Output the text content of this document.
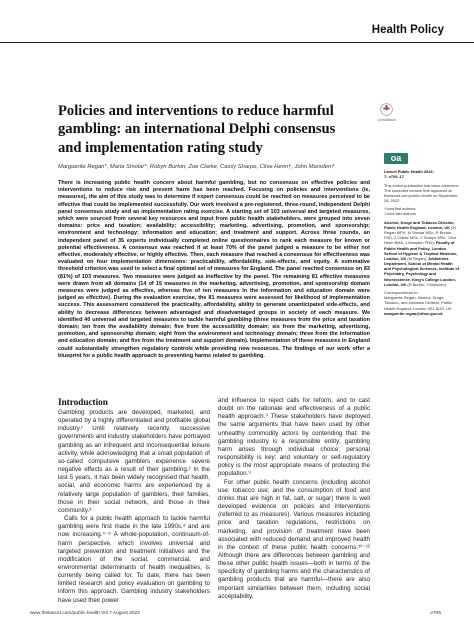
Health Policy
Policies and interventions to reduce harmful gambling: an international Delphi consensus and implementation rating study
CrossMark
Marguerite Regan*, Maria Smolar*, Robyn Burton, Zoe Clarke, Cassy Sharpe, Clive Henn†, John Marsden†
oa

Lancet Public Health 2022;
7: e705–17

This online publication has been corrected. The corrected version first appeared at thelancet.com/public-health on September 28, 2022

*Joint first authors
†Joint last authors

Alcohol, Drugs and Tobacco Division, Public Health England, London, UK (M Regan MPH, M Smolar MSc, R Burton PhD, Z Clarke MSc, C Sharpe MSc, Clive Henn BMA, J Marsden PhD); Faculty of Public Health and Policy, London School of Hygiene & Tropical Medicine, London, UK (M Regan); Addictions Department, School of Mental Health and Psychological Sciences, Institute of Psychiatry, Psychology and Neuroscience, King's College London, London, UK (R Burton, J Marsden)

Correspondence to:
Marguerite Regan, Alcohol, Drugs, Tobacco, and Inclusion Division, Public Health England, London SE1 8UG, UK
marguerite.regan@dhsc.gov.uk

There is increasing public health concern about harmful gambling, but no consensus on effective policies and interventions to reduce risk and prevent harm has been reached. Focusing on policies and interventions (ie, measures), the aim of this study was to determine if expert consensus could be reached on measures perceived to be effective that could be implemented successfully. Our work involved a pre-registered, three-round, independent Delphi panel consensus study and an implementation rating exercise. A starting set of 103 universal and targeted measures, which were sourced from several key resources and input from public health stakeholders, were grouped into seven domains: price and taxation; availability; accessibility; marketing, advertising, promotion, and sponsorship; environment and technology; information and education; and treatment and support. Across three rounds, an independent panel of 35 experts individually completed online questionnaires to rank each measure for known or potential effectiveness. A consensus was reached if at least 70% of the panel judged a measure to be either not effective, moderately effective, or highly effective. Then, each measure that reached a consensus for effectiveness was evaluated on four implementation dimensions: practicability, affordability, side-effects, and equity. A summative threshold criterion was used to select a final optimal set of measures for England. The panel reached consensus on 83 (81%) of 103 measures. Two measures were judged as ineffective by the panel. The remaining 81 effective measures were drawn from all domains (14 of 15 measures in the marketing, advertising, promotion, and sponsorship domain measures were judged as effective, whereas five of ten measures in the information and education domain were judged as effective). During the evaluation exercise, the 81 measures were assessed for likelihood of implementation success. This assessment considered the practicality, affordability, ability to generate unanticipated side-effects, and ability to decrease differences between advantaged and disadvantaged groups in society of each measure. We identified 40 universal and targeted measures to tackle harmful gambling (three measures from the price and taxation domain; ten from the availability domain; five from the accessibility domain; six from the marketing, advertising, promotion, and sponsorship domain; eight from the environment and technology domain; three from the information and education domain; and five from the treatment and support domain). Implementation of these measures in England could substantially strengthen regulatory controls while providing new resources. The findings of our work offer a blueprint for a public health approach to preventing harms related to gambling.

Introduction

Gambling products are developed, marketed, and operated by a highly differentiated and profitable global industry.¹ Until relatively recently, successive governments and industry stakeholders have portrayed gambling as an infrequent and inconsequential leisure activity, while acknowledging that a small population of so-called compulsive gamblers experience severe negative effects as a result of their gambling.² In the last 5 years, it has been widely recognised that health, social, and economic harms are experienced by a relatively large population of gamblers, their families, those in their social network, and those in their community.³

Calls for a public health approach to tackle harmful gambling were first made in the late 1990s,⁴ and are now increasing.⁵⁻⁸ A whole-population, continuum-of-harm perspective, which involves universal and targeted prevention and treatment initiatives and the modification of the social, commercial, and environmental determinants of health inequalities, is currently being called for. To date, there has been limited research and policy evaluation on gambling to inform this approach. Gambling industry stakeholders have used their power

and influence to reject calls for reform, and to cast doubt on the rationale and effectiveness of a public health approach.⁹ These stakeholders have deployed the same arguments that have been used by other unhealthy commodity actors by contending that: the gambling industry is a responsible entity; gambling harm arises through individual choice; personal responsibility is key; and voluntary or self-regulatory policy is the most appropriate means of protecting the population.⁹

For other public health concerns (including alcohol use; tobacco use; and the consumption of food and drinks that are high in fat, salt, or sugar) there is well developed evidence on policies and interventions (referred to as measures). Various measures including price and taxation regulations, restrictions on marketing, and provision of treatment have been associated with reduced demand and improved health in the context of these public health concerns.¹⁰⁻¹² Although there are differences between gambling and these other public health issues—both in terms of the specificity of gambling harms and the characteristics of gambling products that are harmful—there are also important similarities between them, including social acceptability,

www.thelancet.com/public-health Vol 7 August 2022	e705
